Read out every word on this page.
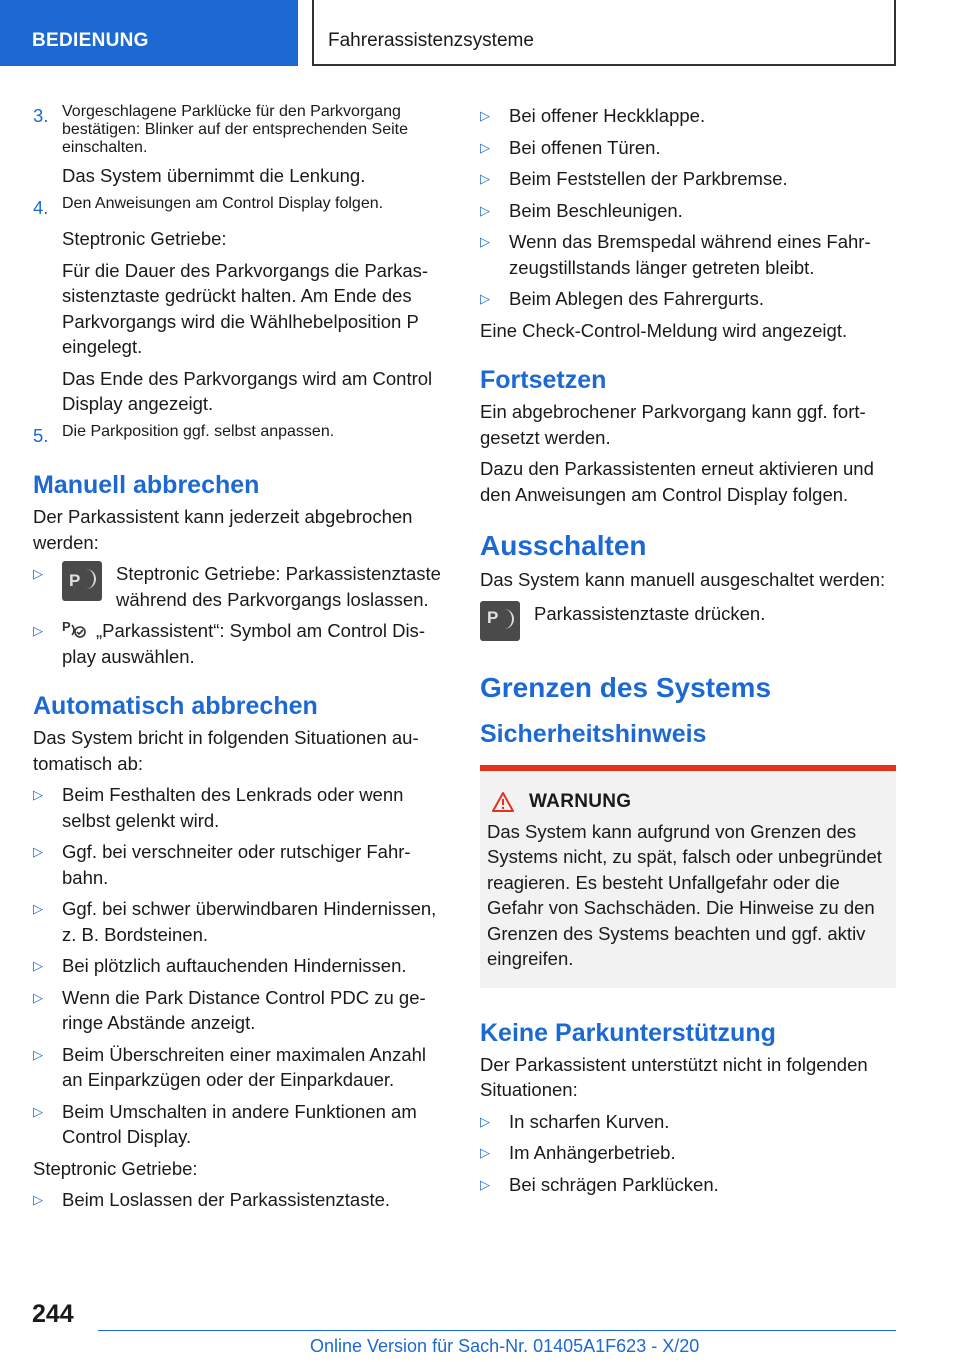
BEDIENUNG	Fahrerassistenzsysteme
3. Vorgeschlagene Parklücke für den Parkvorgang bestätigen: Blinker auf der entsprechenden Seite einschalten.

Das System übernimmt die Lenkung.

4. Den Anweisungen am Control Display folgen.

Steptronic Getriebe:

Für die Dauer des Parkvorgangs die Parkassistenztaste gedrückt halten. Am Ende des Parkvorgangs wird die Wählhebelposition P eingelegt.

Das Ende des Parkvorgangs wird am Control Display angezeigt.

5. Die Parkposition ggf. selbst anpassen.
Manuell abbrechen

Der Parkassistent kann jederzeit abgebrochen werden:

▷
P	Steptronic Getriebe: Parkassistenztaste während des Parkvorgangs loslassen.
▷	P „Parkassistent“: Symbol am Control Display auswählen.
Automatisch abbrechen

Das System bricht in folgenden Situationen automatisch ab:

▷	Beim Festhalten des Lenkrads oder wenn selbst gelenkt wird.
▷	Ggf. bei verschneiter oder rutschiger Fahrbahn.
▷	Ggf. bei schwer überwindbaren Hindernissen, z. B. Bordsteinen.
▷	Bei plötzlich auftauchenden Hindernissen.
▷	Wenn die Park Distance Control PDC zu geringe Abstände anzeigt.
▷	Beim Überschreiten einer maximalen Anzahl an Einparkzügen oder der Einparkdauer.
▷	Beim Umschalten in andere Funktionen am Control Display.

Steptronic Getriebe:

▷	Beim Loslassen der Parkassistenztaste.
▷	Bei offener Heckklappe.
▷	Bei offenen Türen.
▷	Beim Feststellen der Parkbremse.
▷	Beim Beschleunigen.
▷	Wenn das Bremspedal während eines Fahrzeugstillstands länger getreten bleibt.
▷	Beim Ablegen des Fahrergurts.

Eine Check-Control-Meldung wird angezeigt.

Fortsetzen

Ein abgebrochener Parkvorgang kann ggf. fortgesetzt werden.

Dazu den Parkassistenten erneut aktivieren und den Anweisungen am Control Display folgen.

Ausschalten

Das System kann manuell ausgeschaltet werden:

P

Parkassistenztaste drücken.

Grenzen des Systems
Sicherheitshinweis
WARNUNG

Das System kann aufgrund von Grenzen des Systems nicht, zu spät, falsch oder unbegründet reagieren. Es besteht Unfallgefahr oder die Gefahr von Sachschäden. Die Hinweise zu den Grenzen des Systems beachten und ggf. aktiv eingreifen.

Keine Parkunterstützung

Der Parkassistent unterstützt nicht in folgenden Situationen:

▷	In scharfen Kurven.
▷	Im Anhängerbetrieb.
▷	Bei schrägen Parklücken.
244
Online Version für Sach-Nr. 01405A1F623 - X/20
